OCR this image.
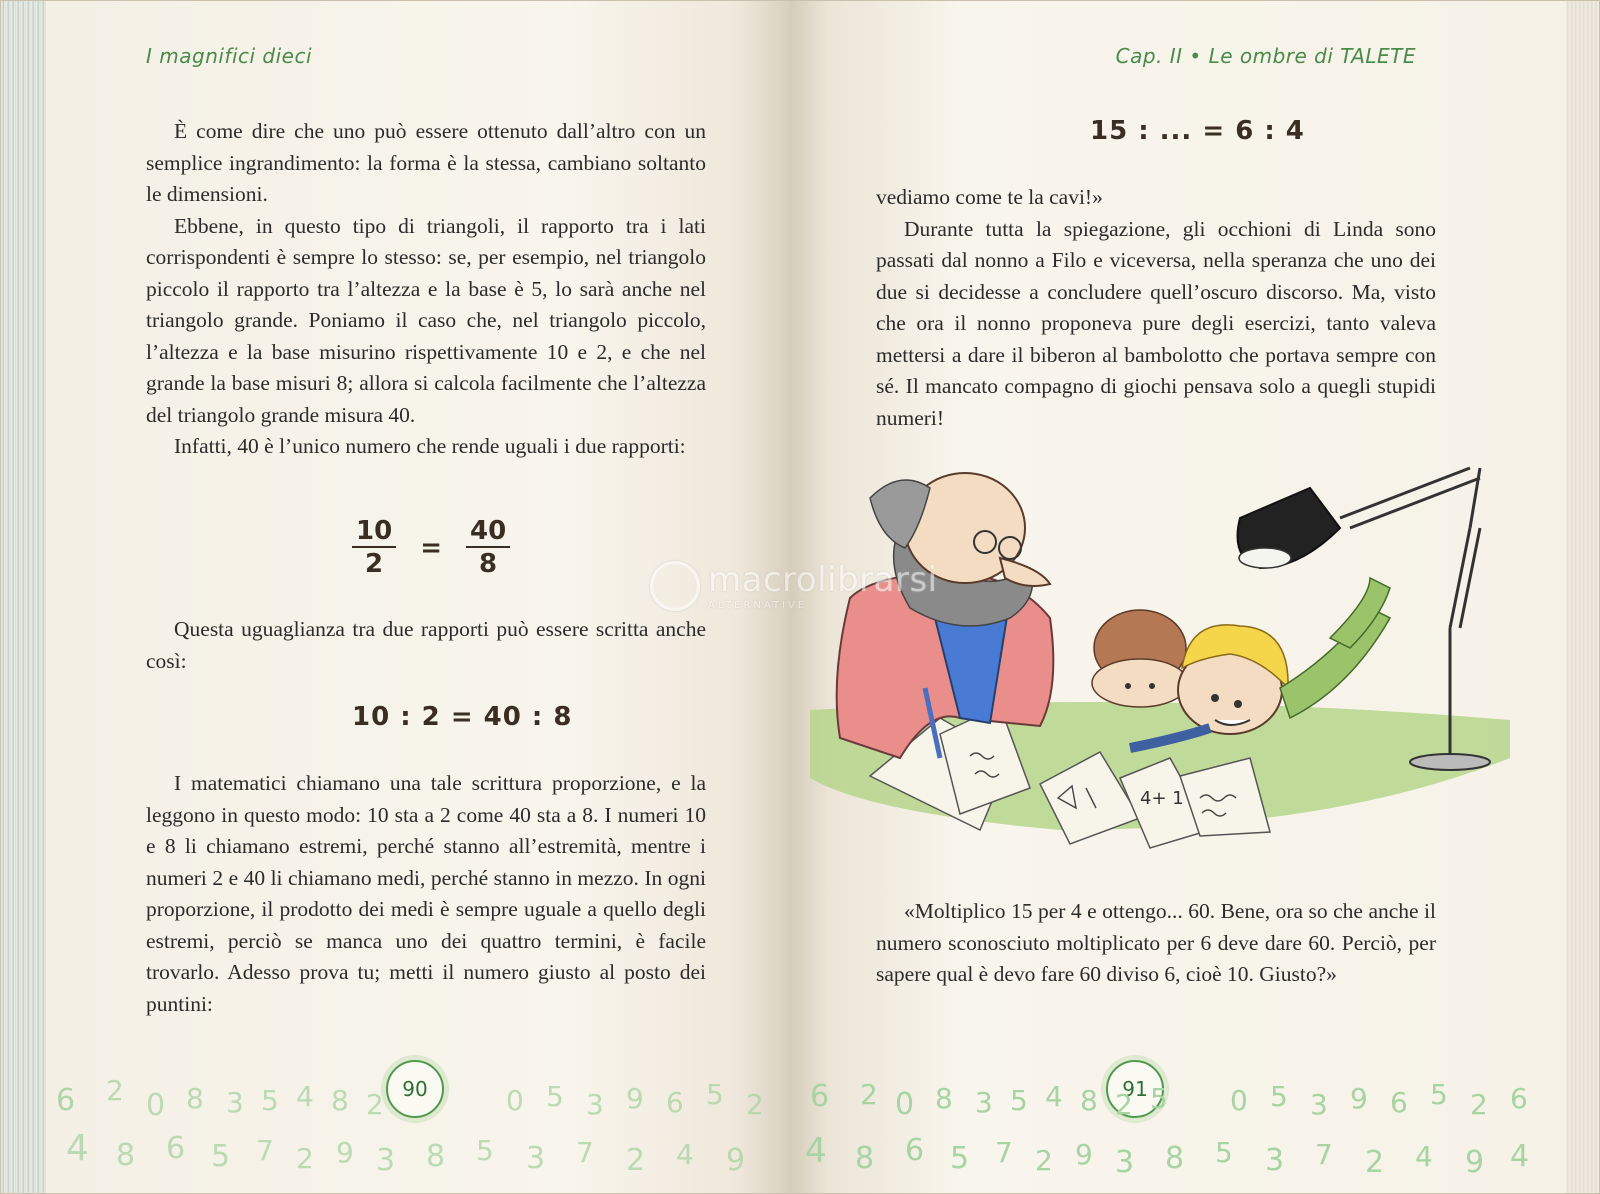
I magnifici dieci

È come dire che uno può essere ottenuto dall’altro con un semplice ingrandimento: la forma è la stessa, cambiano soltanto le dimensioni.

Ebbene, in questo tipo di triangoli, il rapporto tra i lati corrispondenti è sempre lo stesso: se, per esempio, nel triangolo piccolo il rapporto tra l’altezza e la base è 5, lo sarà anche nel triangolo grande. Poniamo il caso che, nel triangolo piccolo, l’altezza e la base misurino rispettivamente 10 e 2, e che nel grande la base misuri 8; allora si calcola facilmente che l’altezza del triangolo grande misura 40.

Infatti, 40 è l’unico numero che rende uguali i due rapporti:

$\frac{10}{2} = \frac{40}{8}$

Questa uguaglianza tra due rapporti può essere scritta anche così:

10 : 2 = 40 : 8

I matematici chiamano una tale scrittura proporzione, e la leggono in questo modo: 10 sta a 2 come 40 sta a 8. I numeri 10 e 8 li chiamano estremi, perché stanno all’estremità, mentre i numeri 2 e 40 li chiamano medi, perché stanno in mezzo. In ogni proporzione, il prodotto dei medi è sempre uguale a quello degli estremi, perciò se manca uno dei quattro termini, è facile trovarlo. Adesso prova tu; metti il numero giusto al posto dei puntini:

90
6 2 0 8 3 5 4 8 2	0 5 3 9 6 5 2
4 8 6 5 7 2 9 3 8 5 3 7 2 4 9
Cap. II • Le ombre di TALETE
15 : ... = 6 : 4

vediamo come te la cavi!»

Durante tutta la spiegazione, gli occhioni di Linda sono passati dal nonno a Filo e viceversa, nella speranza che uno dei due si decidesse a concludere quell’oscuro discorso. Ma, visto che ora il nonno proponeva pure degli esercizi, tanto valeva mettersi a dare il biberon al bambolotto che portava sempre con sé. Il mancato compagno di giochi pensava solo a quegli stupidi numeri!

4+ 1

«Moltiplico 15 per 4 e ottengo... 60. Bene, ora so che anche il numero sconosciuto moltiplicato per 6 deve dare 60. Perciò, per sapere qual è devo fare 60 diviso 6, cioè 10. Giusto?»

91
6 2 0 8 3 5 4 8 2 5 0 5 3 9 6 5 2 6
4 8 6 5 7 2 9 3 8 5 3 7 2 4 9 4
macrolibrarsi
ALTERNATIVE
